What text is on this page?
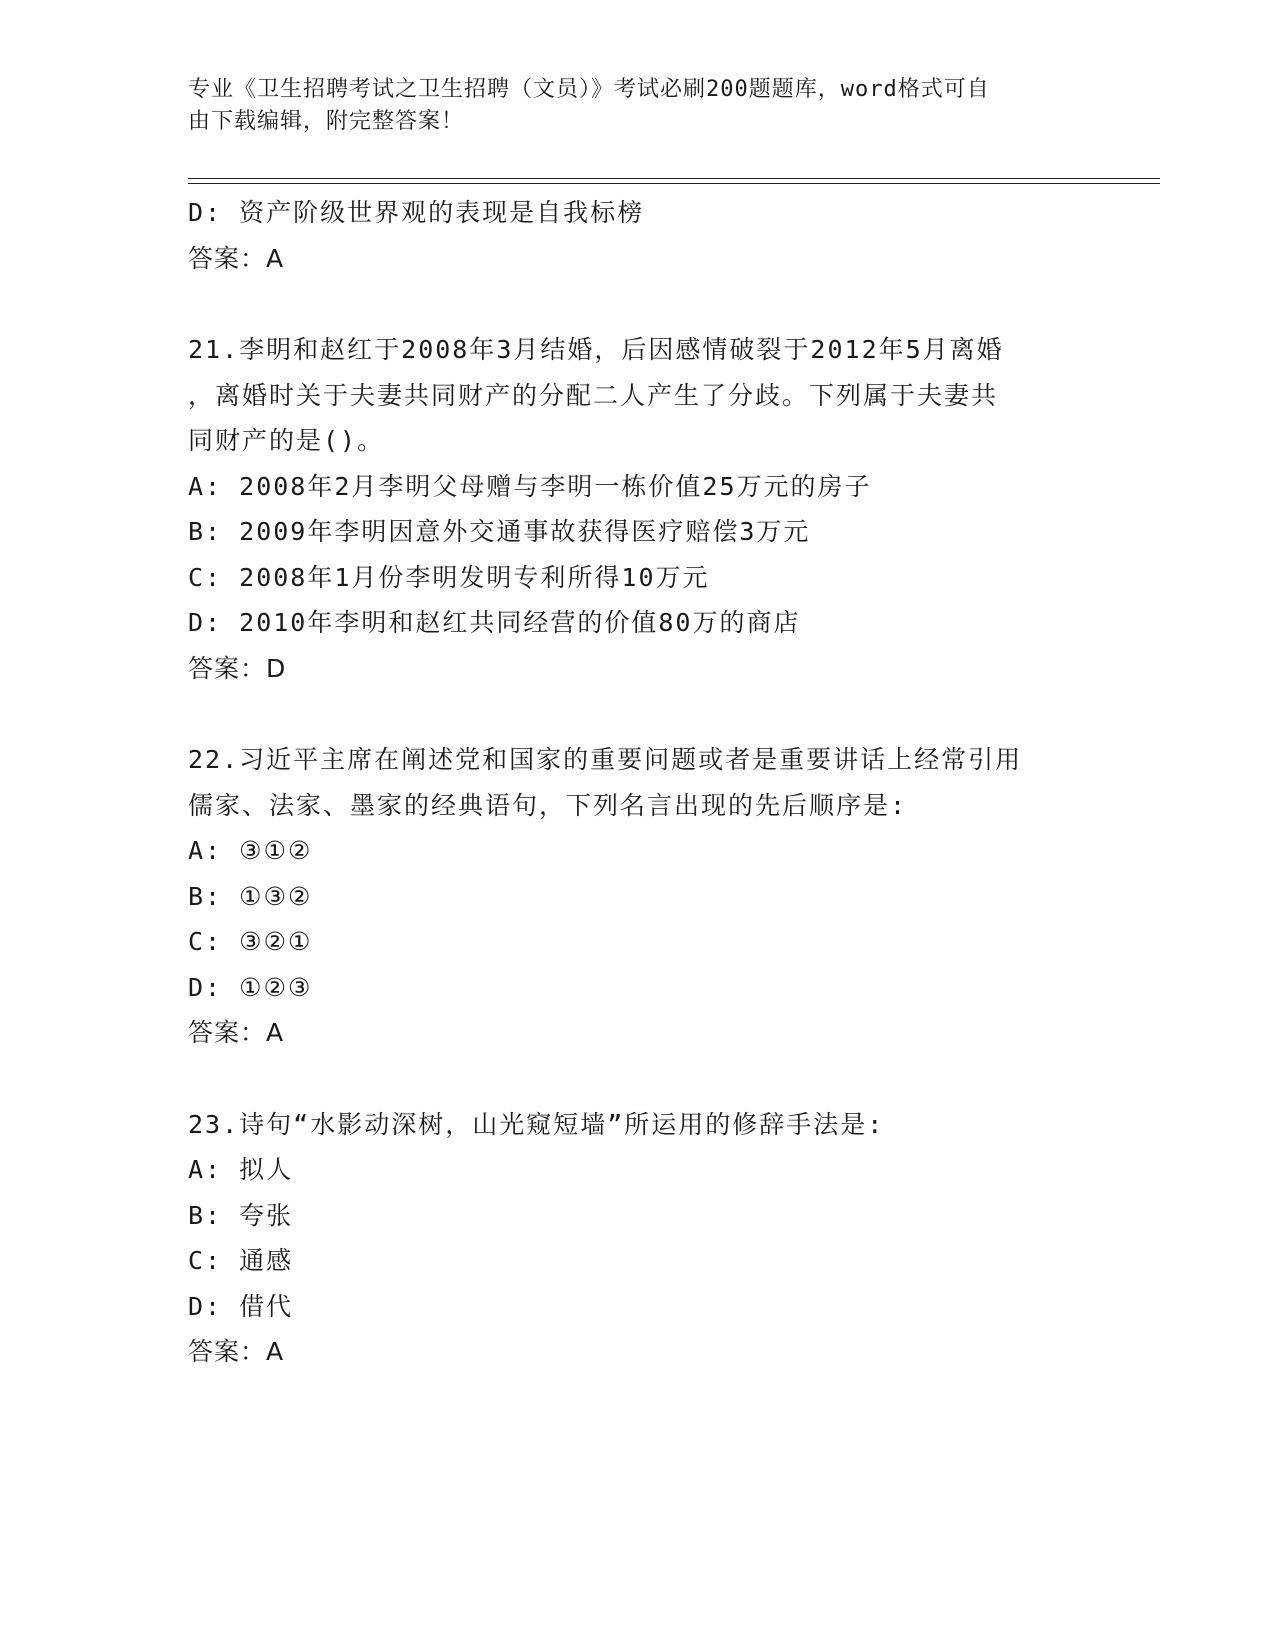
专业《卫生招聘考试之卫生招聘（文员）》考试必刷200题题库，word格式可自
由下载编辑，附完整答案！
D: 资产阶级世界观的表现是自我标榜
答案：A
21.李明和赵红于2008年3月结婚，后因感情破裂于2012年5月离婚
，离婚时关于夫妻共同财产的分配二人产生了分歧。下列属于夫妻共
同财产的是()。
A: 2008年2月李明父母赠与李明一栋价值25万元的房子
B: 2009年李明因意外交通事故获得医疗赔偿3万元
C: 2008年1月份李明发明专利所得10万元
D: 2010年李明和赵红共同经营的价值80万的商店
答案：D
22.习近平主席在阐述党和国家的重要问题或者是重要讲话上经常引用
儒家、法家、墨家的经典语句，下列名言出现的先后顺序是:
A: ③①②
B: ①③②
C: ③②①
D: ①②③
答案：A
23.诗句“水影动深树，山光窥短墙”所运用的修辞手法是:
A: 拟人
B: 夸张
C: 通感
D: 借代
答案：A
